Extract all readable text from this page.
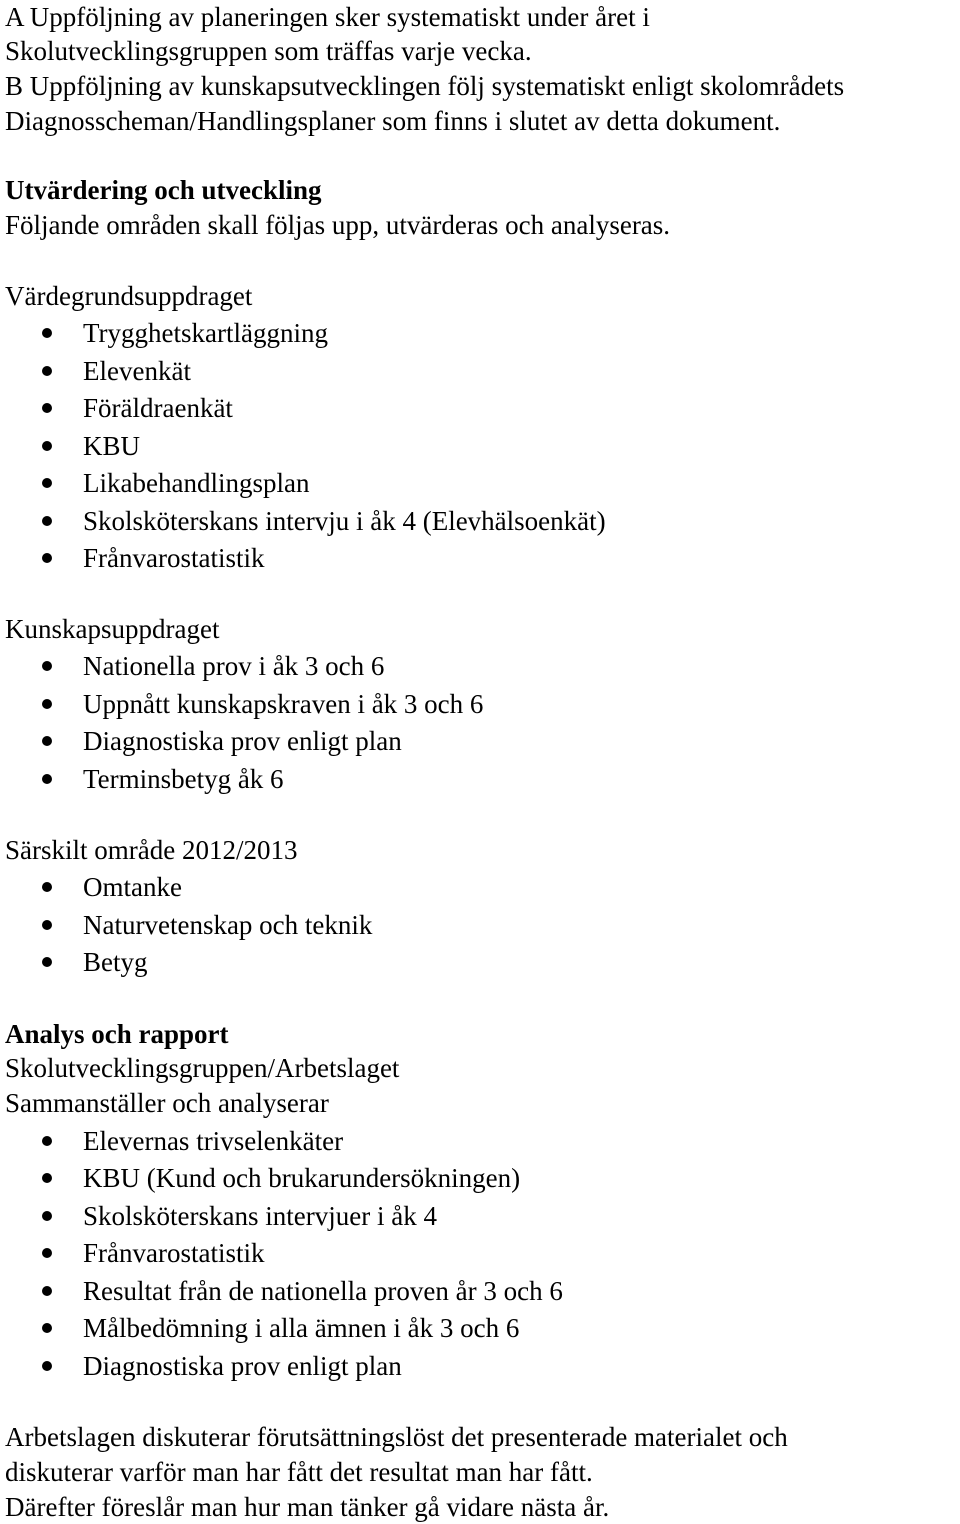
A Uppföljning av planeringen sker systematiskt under året i
Skolutvecklingsgruppen som träffas varje vecka.
B Uppföljning av kunskapsutvecklingen följ systematiskt enligt skolområdets
Diagnosscheman/Handlingsplaner som finns i slutet av detta dokument.
Utvärdering och utveckling
Följande områden skall följas upp, utvärderas och analyseras.
Värdegrundsuppdraget
Trygghetskartläggning
Elevenkät
Föräldraenkät
KBU
Likabehandlingsplan
Skolsköterskans intervju i åk 4 (Elevhälsoenkät)
Frånvarostatistik
Kunskapsuppdraget
Nationella prov i åk 3 och 6
Uppnått kunskapskraven i åk 3 och 6
Diagnostiska prov enligt plan
Terminsbetyg åk 6
Särskilt område 2012/2013
Omtanke
Naturvetenskap och teknik
Betyg
Analys och rapport
Skolutvecklingsgruppen/Arbetslaget
Sammanställer och analyserar
Elevernas trivselenkäter
KBU (Kund och brukarundersökningen)
Skolsköterskans intervjuer i åk 4
Frånvarostatistik
Resultat från de nationella proven år 3 och 6
Målbedömning i alla ämnen i åk 3 och 6
Diagnostiska prov enligt plan
Arbetslagen diskuterar förutsättningslöst det presenterade materialet och
diskuterar varför man har fått det resultat man har fått.
Därefter föreslår man hur man tänker gå vidare nästa år.
